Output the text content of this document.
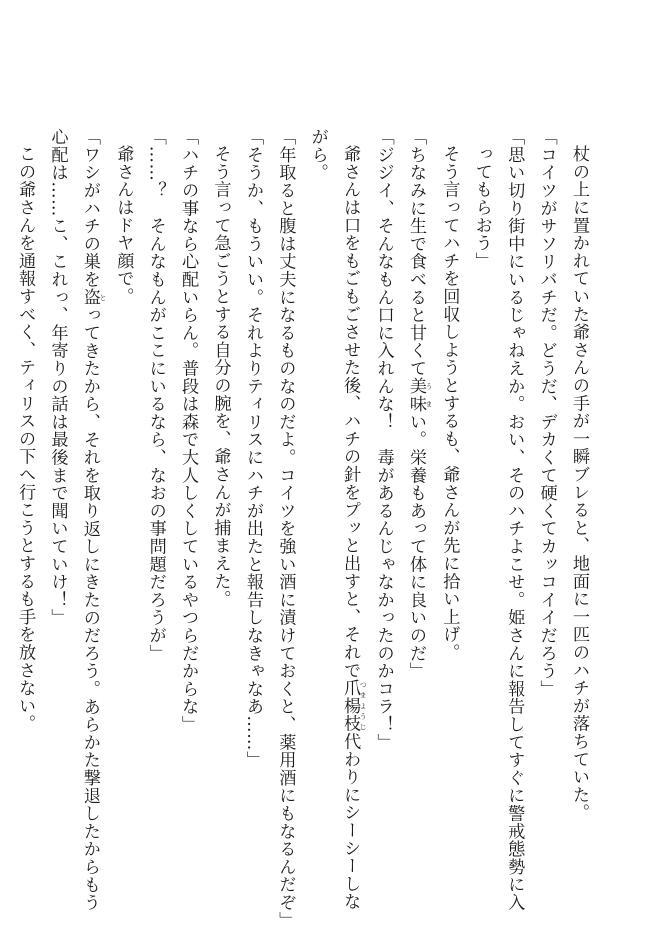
杖の上に置かれていた爺さんの手が一瞬ブレると、地面に一匹のハチが落ちていた。
「コイツがサソリバチだ。どうだ、デカくて硬くてカッコイイだろう」
「思い切り街中にいるじゃねえか。おい、そのハチよこせ。姫さんに報告してすぐに警戒態勢に入
ってもらおう」
そう言ってハチを回収しようとするも、爺さんが先に拾い上げ。
「ちなみに生で食べると甘くて美味 うまい。栄養もあって体に良いのだ」
「ジジイ、そんなもん口に入れんな！　毒があるんじゃなかったのかコラ！」
爺さんは口をもごもごさせた後、ハチの針をプッと出すと、それで爪楊枝 つまようじ代わりにシーシーしな
がら。
「年取ると腹は丈夫になるものなのだよ。コイツを強い酒に漬けておくと、薬用酒にもなるんだぞ」
「そうか、もういい。それよりティリスにハチが出たと報告しなきゃなあ……」
そう言って急ごうとする自分の腕を、爺さんが捕まえた。
「ハチの事なら心配いらん。普段は森で大人しくしているやつらだからな」
「……？　そんなもんがここにいるなら、なおの事問題だろうが」
爺さんはドヤ顔で。
「ワシがハチの巣を盗 とってきたから、それを取り返しにきたのだろう。あらかた撃退したからもう
心配は……こ、これっ、年寄りの話は最後まで聞いていけ！」
この爺さんを通報すべく、ティリスの下へ行こうとするも手を放さない。
